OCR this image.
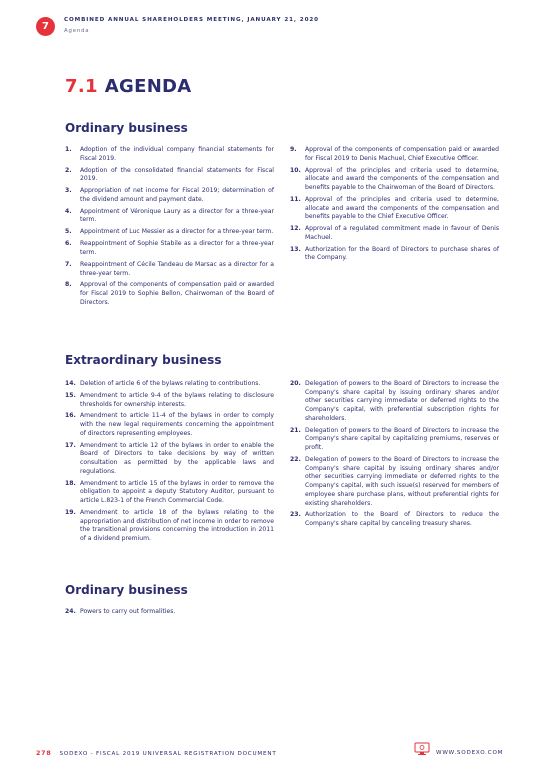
7
COMBINED ANNUAL SHAREHOLDERS MEETING, JANUARY 21, 2020
Agenda
7.1 AGENDA
Ordinary business
1.	Adoption of the individual company financial statements for Fiscal 2019.
2.	Adoption of the consolidated financial statements for Fiscal 2019.
3.	Appropriation of net income for Fiscal 2019; determination of the dividend amount and payment date.
4.	Appointment of Véronique Laury as a director for a three-year term.
5.	Appointment of Luc Messier as a director for a three-year term.
6.	Reappointment of Sophie Stabile as a director for a three-year term.
7.	Reappointment of Cécile Tandeau de Marsac as a director for a three-year term.
8.	Approval of the components of compensation paid or awarded for Fiscal 2019 to Sophie Bellon, Chairwoman of the Board of Directors.
9.	Approval of the components of compensation paid or awarded for Fiscal 2019 to Denis Machuel, Chief Executive Officer.
10. Approval of the principles and criteria used to determine, allocate and award the components of the compensation and benefits payable to the Chairwoman of the Board of Directors.
11. Approval of the principles and criteria used to determine, allocate and award the components of the compensation and benefits payable to the Chief Executive Officer.
12. Approval of a regulated commitment made in favour of Denis Machuel.
13. Authorization for the Board of Directors to purchase shares of the Company.
Extraordinary business
14. Deletion of article 6 of the bylaws relating to contributions.
15. Amendment to article 9-4 of the bylaws relating to disclosure thresholds for ownership interests.
16. Amendment to article 11-4 of the bylaws in order to comply with the new legal requirements concerning the appointment of directors representing employees.
17. Amendment to article 12 of the bylaws in order to enable the Board of Directors to take decisions by way of written consultation as permitted by the applicable laws and regulations.
18. Amendment to article 15 of the bylaws in order to remove the obligation to appoint a deputy Statutory Auditor, pursuant to article L.823-1 of the French Commercial Code.
19. Amendment to article 18 of the bylaws relating to the appropriation and distribution of net income in order to remove the transitional provisions concerning the introduction in 2011 of a dividend premium.
20. Delegation of powers to the Board of Directors to increase the Company's share capital by issuing ordinary shares and/or other securities carrying immediate or deferred rights to the Company's capital, with preferential subscription rights for shareholders.
21. Delegation of powers to the Board of Directors to increase the Company's share capital by capitalizing premiums, reserves or profit.
22. Delegation of powers to the Board of Directors to increase the Company's share capital by issuing ordinary shares and/or other securities carrying immediate or deferred rights to the Company's capital, with such issue(s) reserved for members of employee share purchase plans, without preferential rights for existing shareholders.
23. Authorization to the Board of Directors to reduce the Company's share capital by canceling treasury shares.
Ordinary business
24. Powers to carry out formalities.
278 SODEXO - FISCAL 2019 UNIVERSAL REGISTRATION DOCUMENT	WWW.SODEXO.COM
